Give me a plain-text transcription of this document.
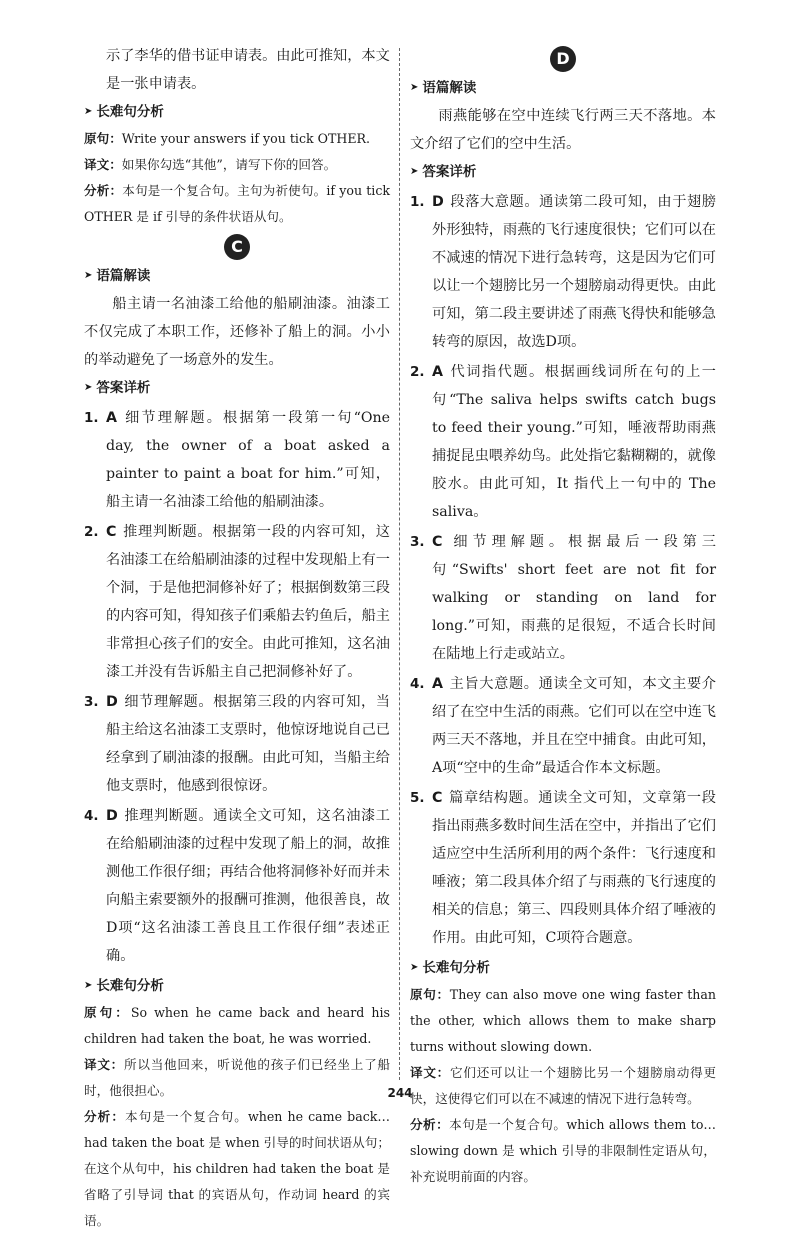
示了李华的借书证申请表。由此可推知，本文

是一张申请表。

➤ 长难句分析

原句：Write your answers if you tick OTHER.

译文：如果你勾选“其他”，请写下你的回答。

分析：本句是一个复合句。主句为祈使句。if you tick OTHER 是 if 引导的条件状语从句。

C

➤ 语篇解读

船主请一名油漆工给他的船刷油漆。油漆工不仅完成了本职工作，还修补了船上的洞。小小的举动避免了一场意外的发生。

➤ 答案详析

1. A 细节理解题。根据第一段第一句“One day, the owner of a boat asked a painter to paint a boat for him.”可知，船主请一名油漆工给他的船刷油漆。
2. C 推理判断题。根据第一段的内容可知，这名油漆工在给船刷油漆的过程中发现船上有一个洞，于是他把洞修补好了；根据倒数第三段的内容可知，得知孩子们乘船去钓鱼后，船主非常担心孩子们的安全。由此可推知，这名油漆工并没有告诉船主自己把洞修补好了。
3. D 细节理解题。根据第三段的内容可知，当船主给这名油漆工支票时，他惊讶地说自己已经拿到了刷油漆的报酬。由此可知，当船主给他支票时，他感到很惊讶。
4. D 推理判断题。通读全文可知，这名油漆工在给船刷油漆的过程中发现了船上的洞，故推测他工作很仔细；再结合他将洞修补好而并未向船主索要额外的报酬可推测，他很善良，故D项“这名油漆工善良且工作很仔细”表述正确。

➤ 长难句分析

原句：So when he came back and heard his children had taken the boat, he was worried.

译文：所以当他回来，听说他的孩子们已经坐上了船时，他很担心。

分析：本句是一个复合句。when he came back…had taken the boat 是 when 引导的时间状语从句；在这个从句中，his children had taken the boat 是省略了引导词 that 的宾语从句，作动词 heard 的宾语。

D

➤ 语篇解读

雨燕能够在空中连续飞行两三天不落地。本文介绍了它们的空中生活。

➤ 答案详析

1. D 段落大意题。通读第二段可知，由于翅膀外形独特，雨燕的飞行速度很快；它们可以在不减速的情况下进行急转弯，这是因为它们可以让一个翅膀比另一个翅膀扇动得更快。由此可知，第二段主要讲述了雨燕飞得快和能够急转弯的原因，故选D项。
2. A 代词指代题。根据画线词所在句的上一句“The saliva helps swifts catch bugs to feed their young.”可知，唾液帮助雨燕捕捉昆虫喂养幼鸟。此处指它黏糊糊的，就像胶水。由此可知，It 指代上一句中的 The saliva。
3. C 细节理解题。根据最后一段第三句“Swifts' short feet are not fit for walking or standing on land for long.”可知，雨燕的足很短，不适合长时间在陆地上行走或站立。
4. A 主旨大意题。通读全文可知，本文主要介绍了在空中生活的雨燕。它们可以在空中连飞两三天不落地，并且在空中捕食。由此可知，A项“空中的生命”最适合作本文标题。
5. C 篇章结构题。通读全文可知，文章第一段指出雨燕多数时间生活在空中，并指出了它们适应空中生活所利用的两个条件：飞行速度和唾液；第二段具体介绍了与雨燕的飞行速度的相关的信息；第三、四段则具体介绍了唾液的作用。由此可知，C项符合题意。

➤ 长难句分析

原句：They can also move one wing faster than the other, which allows them to make sharp turns without slowing down.

译文：它们还可以让一个翅膀比另一个翅膀扇动得更快，这使得它们可以在不减速的情况下进行急转弯。

分析：本句是一个复合句。which allows them to…slowing down 是 which 引导的非限制性定语从句，补充说明前面的内容。

244
